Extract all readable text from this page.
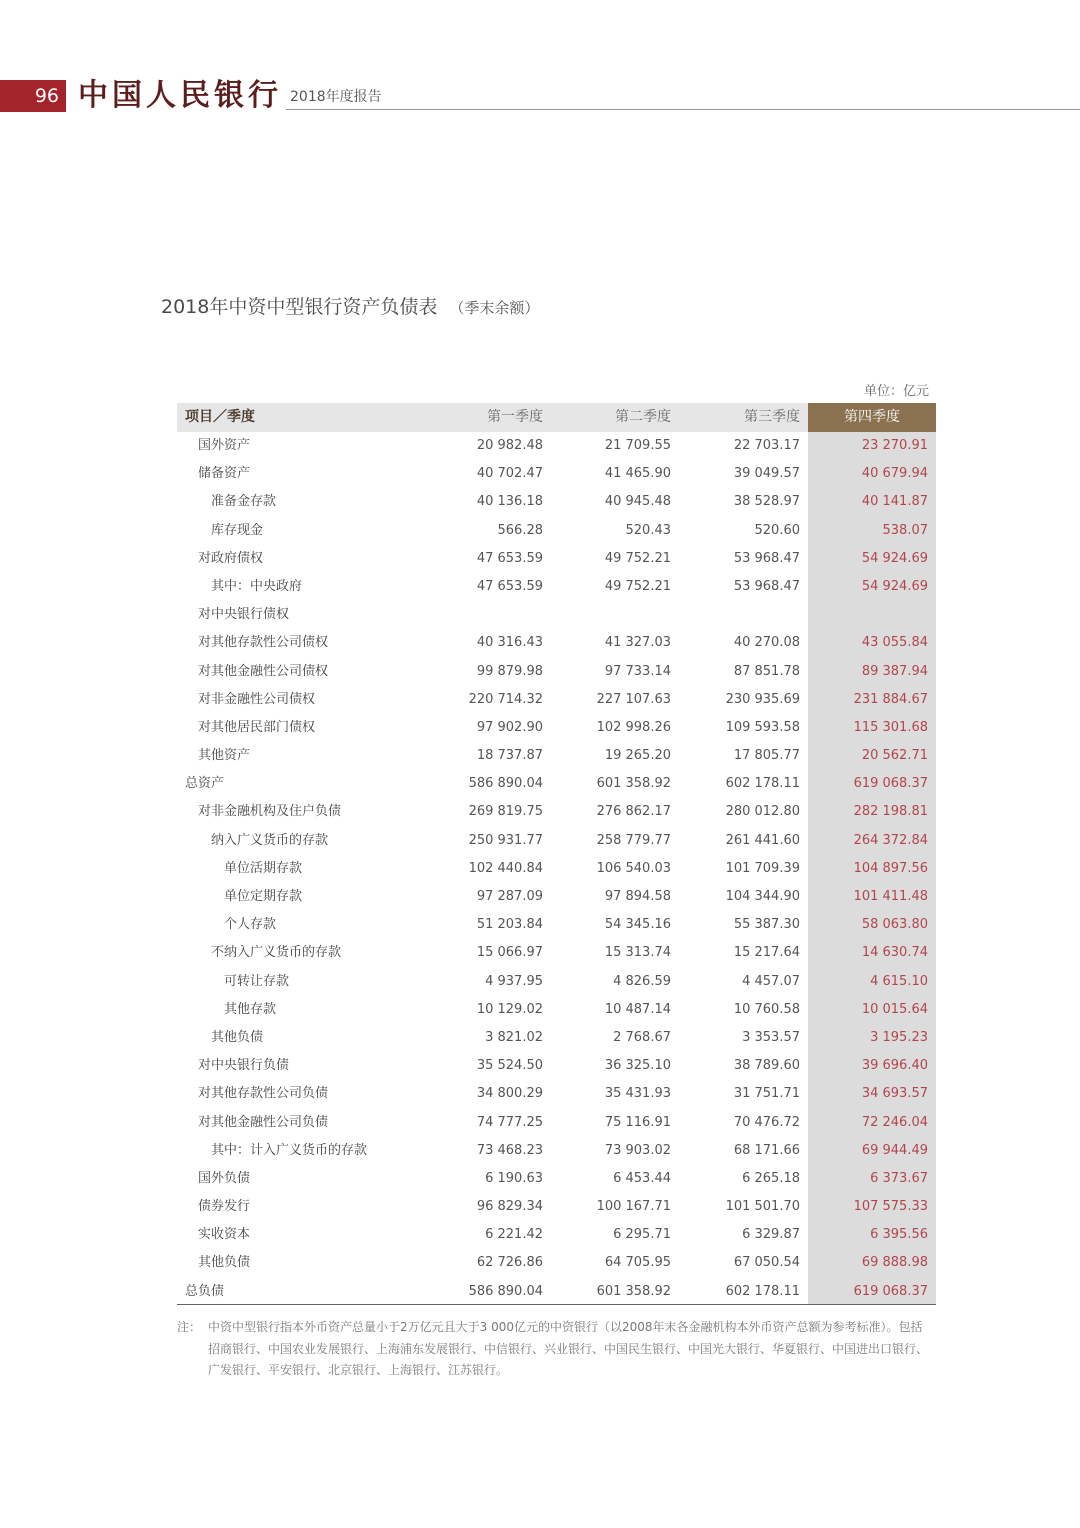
96 中国人民银行 2018年度报告
2018年中资中型银行资产负债表 （季末余额）
单位：亿元
项目／季度	第一季度	第二季度	第三季度	第四季度
国外资产	20 982.48	21 709.55	22 703.17	23 270.91
储备资产	40 702.47	41 465.90	39 049.57	40 679.94
准备金存款	40 136.18	40 945.48	38 528.97	40 141.87
库存现金	566.28	520.43	520.60	538.07
对政府债权	47 653.59	49 752.21	53 968.47	54 924.69
其中：中央政府	47 653.59	49 752.21	53 968.47	54 924.69
对中央银行债权
对其他存款性公司债权	40 316.43	41 327.03	40 270.08	43 055.84
对其他金融性公司债权	99 879.98	97 733.14	87 851.78	89 387.94
对非金融性公司债权	220 714.32	227 107.63	230 935.69	231 884.67
对其他居民部门债权	97 902.90	102 998.26	109 593.58	115 301.68
其他资产	18 737.87	19 265.20	17 805.77	20 562.71
总资产	586 890.04	601 358.92	602 178.11	619 068.37
对非金融机构及住户负债	269 819.75	276 862.17	280 012.80	282 198.81
纳入广义货币的存款	250 931.77	258 779.77	261 441.60	264 372.84
单位活期存款	102 440.84	106 540.03	101 709.39	104 897.56
单位定期存款	97 287.09	97 894.58	104 344.90	101 411.48
个人存款	51 203.84	54 345.16	55 387.30	58 063.80
不纳入广义货币的存款	15 066.97	15 313.74	15 217.64	14 630.74
可转让存款	4 937.95	4 826.59	4 457.07	4 615.10
其他存款	10 129.02	10 487.14	10 760.58	10 015.64
其他负债	3 821.02	2 768.67	3 353.57	3 195.23
对中央银行负债	35 524.50	36 325.10	38 789.60	39 696.40
对其他存款性公司负债	34 800.29	35 431.93	31 751.71	34 693.57
对其他金融性公司负债	74 777.25	75 116.91	70 476.72	72 246.04
其中：计入广义货币的存款	73 468.23	73 903.02	68 171.66	69 944.49
国外负债	6 190.63	6 453.44	6 265.18	6 373.67
债券发行	96 829.34	100 167.71	101 501.70	107 575.33
实收资本	6 221.42	6 295.71	6 329.87	6 395.56
其他负债	62 726.86	64 705.95	67 050.54	69 888.98
总负债	586 890.04	601 358.92	602 178.11	619 068.37
注： 中资中型银行指本外币资产总量小于2万亿元且大于3 000亿元的中资银行（以2008年末各金融机构本外币资产总额为参考标准）。包括
招商银行、中国农业发展银行、上海浦东发展银行、中信银行、兴业银行、中国民生银行、中国光大银行、华夏银行、中国进出口银行、
广发银行、平安银行、北京银行、上海银行、江苏银行。
